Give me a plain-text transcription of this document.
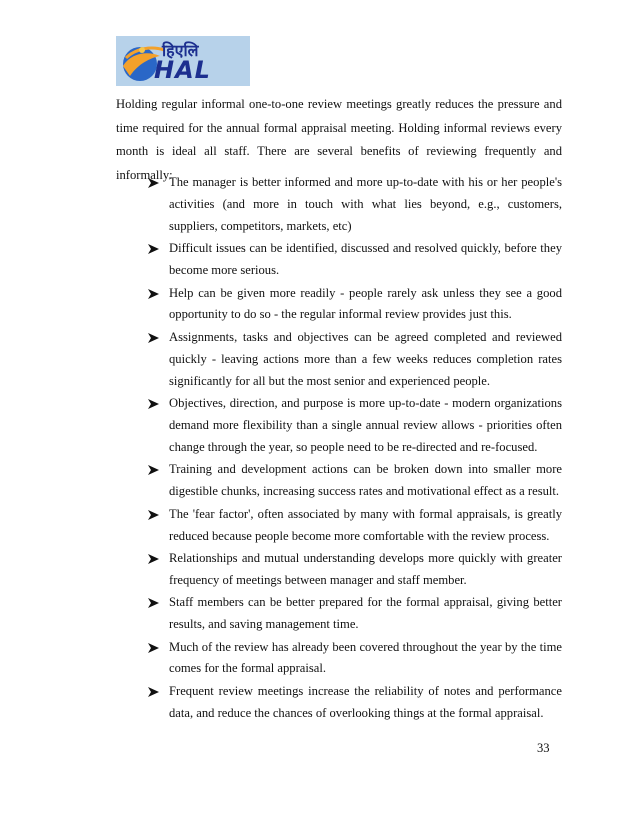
हिएलि
HAL

Holding regular informal one-to-one review meetings greatly reduces the pressure and time required for the annual formal appraisal meeting. Holding informal reviews every month is ideal all staff. There are several benefits of reviewing frequently and informally:

The manager is better informed and more up-to-date with his or her people's activities (and more in touch with what lies beyond, e.g., customers, suppliers, competitors, markets, etc)
Difficult issues can be identified, discussed and resolved quickly, before they become more serious.
Help can be given more readily - people rarely ask unless they see a good opportunity to do so - the regular informal review provides just this.
Assignments, tasks and objectives can be agreed completed and reviewed quickly - leaving actions more than a few weeks reduces completion rates significantly for all but the most senior and experienced people.
Objectives, direction, and purpose is more up-to-date - modern organizations demand more flexibility than a single annual review allows - priorities often change through the year, so people need to be re-directed and re-focused.
Training and development actions can be broken down into smaller more digestible chunks, increasing success rates and motivational effect as a result.
The 'fear factor', often associated by many with formal appraisals, is greatly reduced because people become more comfortable with the review process.
Relationships and mutual understanding develops more quickly with greater frequency of meetings between manager and staff member.
Staff members can be better prepared for the formal appraisal, giving better results, and saving management time.
Much of the review has already been covered throughout the year by the time comes for the formal appraisal.
Frequent review meetings increase the reliability of notes and performance data, and reduce the chances of overlooking things at the formal appraisal.
33
